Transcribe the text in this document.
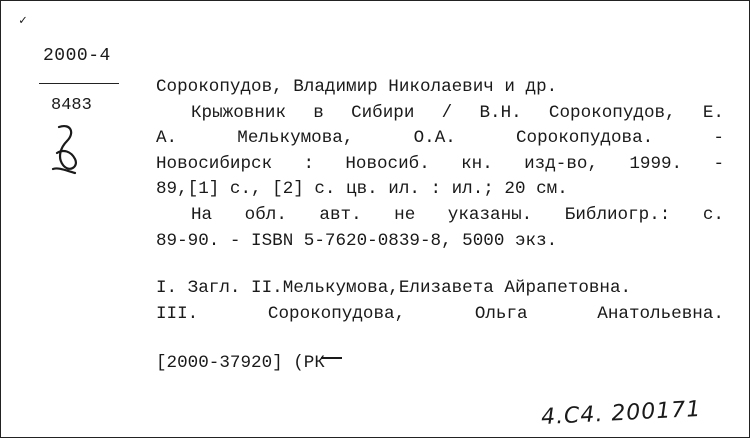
✓
2000-4
8483
Сорокопудов, Владимир Николаевич и др.
Крыжовник в Сибири / В.Н. Сорокопудов, Е.
А.	Мелькумова,	О.А.	Сорокопудова.	-
Новосибирск : Новосиб. кн. изд-во, 1999. -
89,[1] с., [2] с. цв. ил. : ил.; 20 см.
На обл. авт. не указаны. Библиогр.: с.
89-90. - ISBN 5-7620-0839-8, 5000 экз.
I. Загл. II.Мелькумова,Елизавета Айрапетовна.
III.	Сорокопудова,	Ольга	Анатольевна.
[2000-37920] (РК
4.С4. 200171
